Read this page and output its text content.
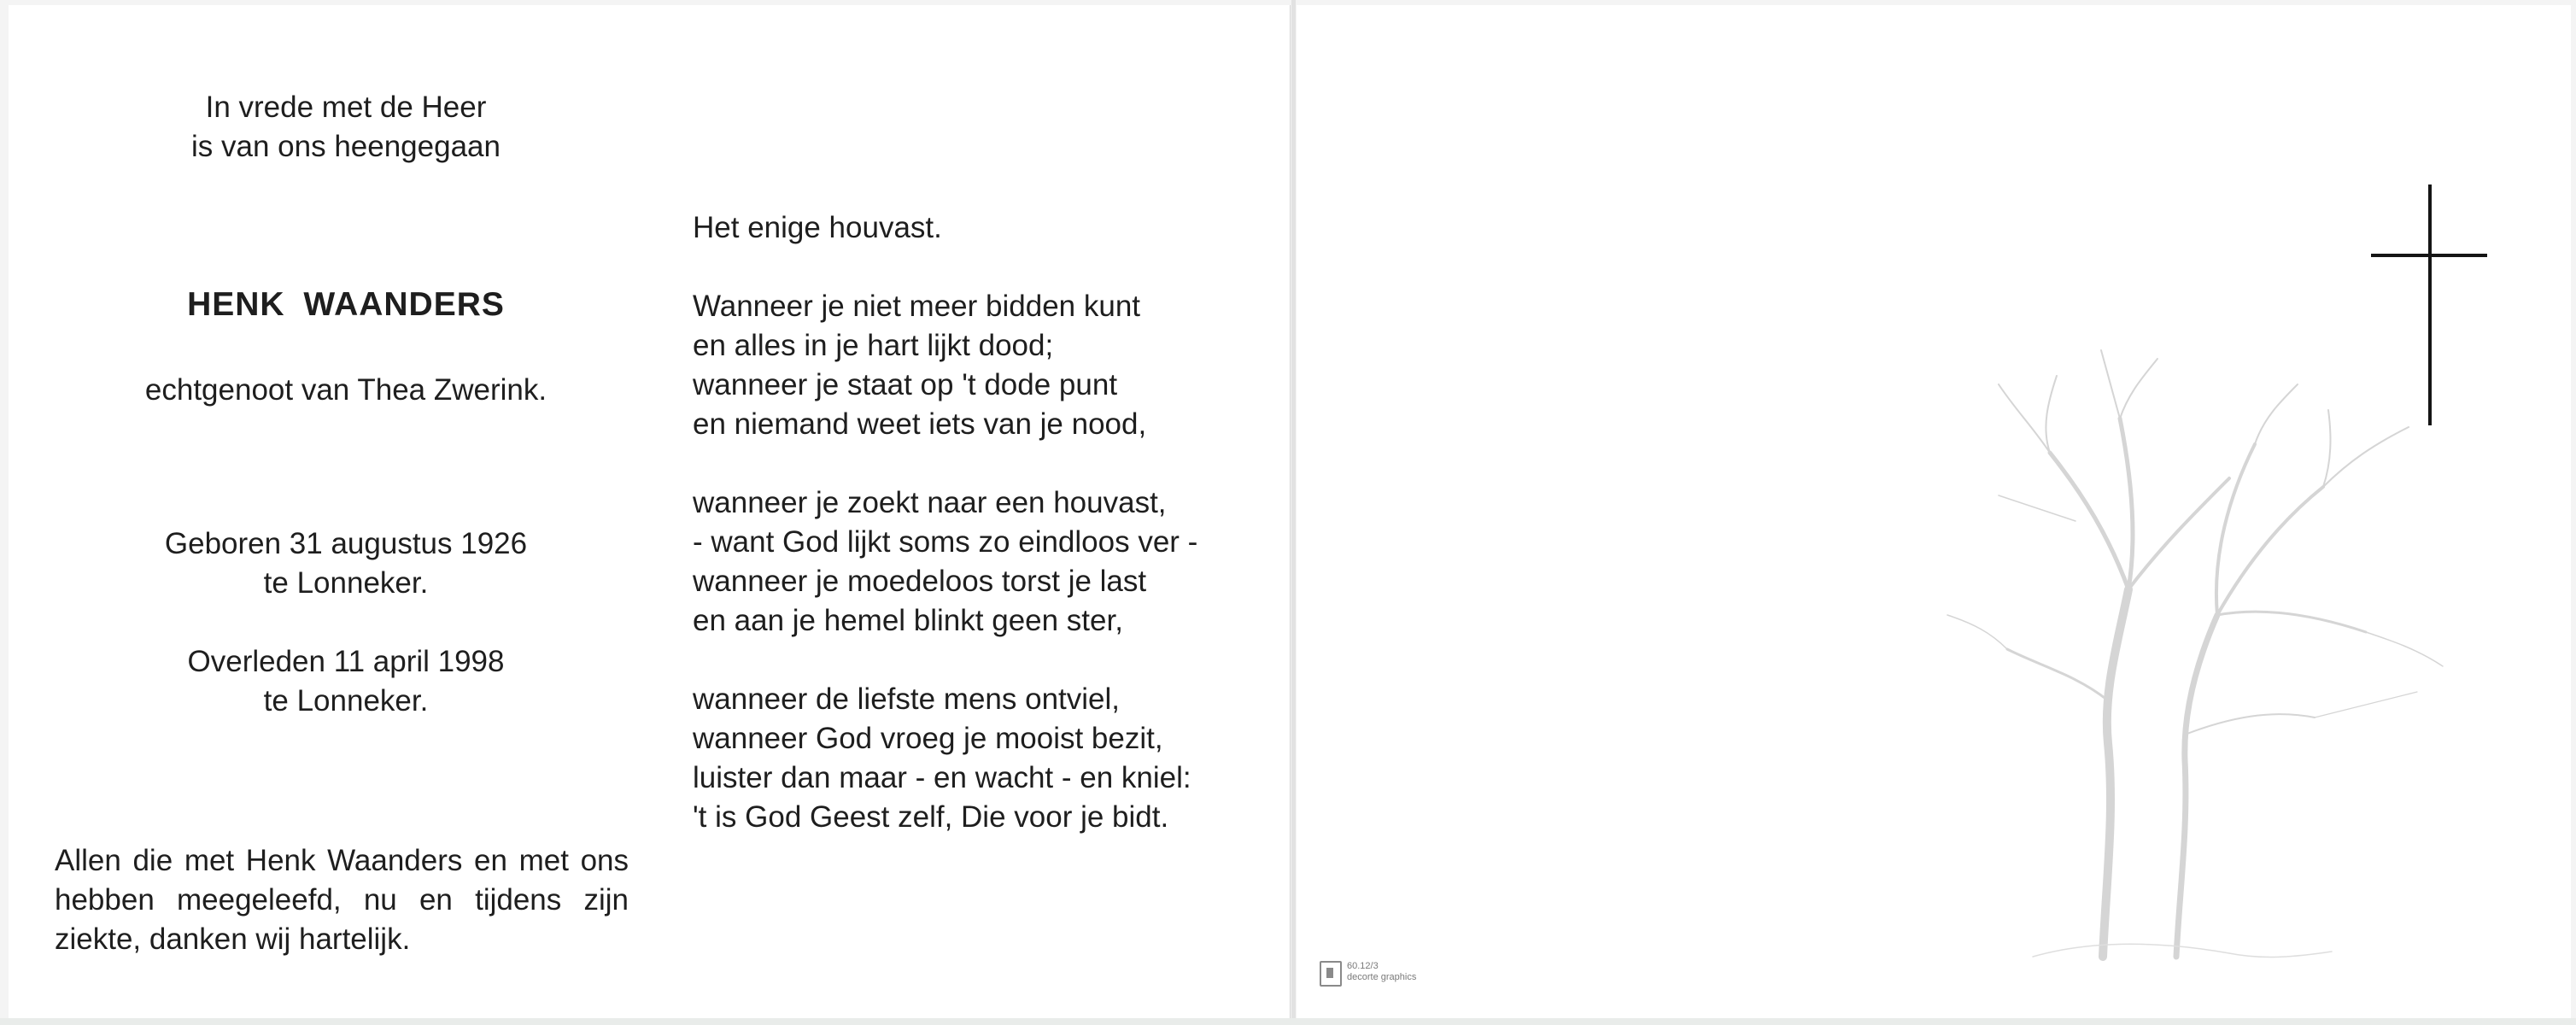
In vrede met de Heer
is van ons heengegaan
HENK WAANDERS
echtgenoot van Thea Zwerink.
Geboren 31 augustus 1926
te Lonneker.
Overleden 11 april 1998
te Lonneker.
Allen die met Henk Waanders en met ons hebben meegeleefd, nu en tijdens zijn ziekte, danken wij hartelijk.
Het enige houvast.
Wanneer je niet meer bidden kunt
en alles in je hart lijkt dood;
wanneer je staat op 't dode punt
en niemand weet iets van je nood,
wanneer je zoekt naar een houvast,
- want God lijkt soms zo eindloos ver -
wanneer je moedeloos torst je last
en aan je hemel blinkt geen ster,
wanneer de liefste mens ontviel,
wanneer God vroeg je mooist bezit,
luister dan maar - en wacht - en kniel:
't is God Geest zelf, Die voor je bidt.
60.12/3
decorte graphics
